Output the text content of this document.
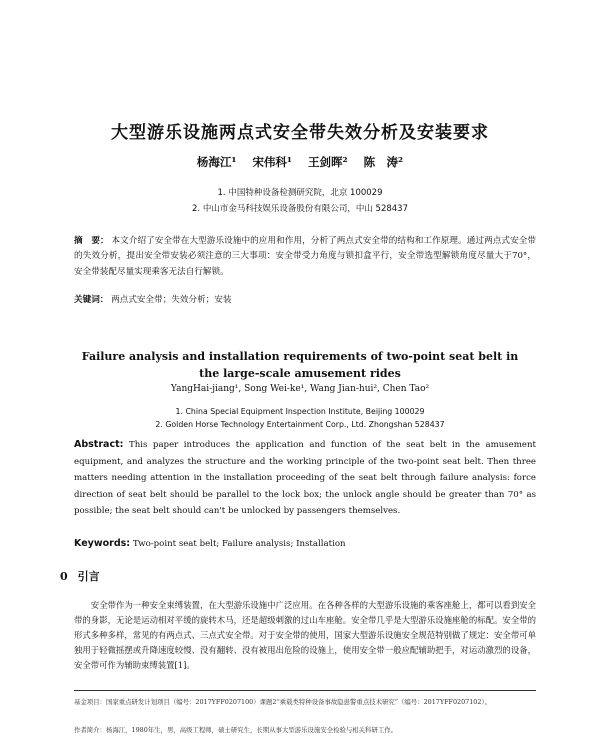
大型游乐设施两点式安全带失效分析及安装要求
杨海江¹ 宋伟科¹ 王剑晖² 陈　涛²
1. 中国特种设备检测研究院，北京 100029
2. 中山市金马科技娱乐设备股份有限公司，中山 528437
摘　要： 本文介绍了安全带在大型游乐设施中的应用和作用，分析了两点式安全带的结构和工作原理。通过两点式安全带的失效分析，提出安全带安装必须注意的三大事项：安全带受力角度与锁扣盒平行，安全带选型解锁角度尽量大于70°，安全带装配尽量实现乘客无法自行解锁。
关键词： 两点式安全带；失效分析；安装
Failure analysis and installation requirements of two-point seat belt in
the large-scale amusement rides
YangHai-jiang¹, Song Wei-ke¹, Wang Jian-hui², Chen Tao²
1. China Special Equipment Inspection Institute, Beijing 100029
2. Golden Horse Technology Entertainment Corp., Ltd. Zhongshan 528437
Abstract: This paper introduces the application and function of the seat belt in the amusement equipment, and analyzes the structure and the working principle of the two-point seat belt. Then three matters needing attention in the installation proceeding of the seat belt through failure analysis: force direction of seat belt should be parallel to the lock box; the unlock angle should be greater than 70° as possible; the seat belt should can't be unlocked by passengers themselves.
Keywords: Two-point seat belt; Failure analysis; Installation
0 引言
安全带作为一种安全束缚装置，在大型游乐设施中广泛应用。在各种各样的大型游乐设施的乘客座舱上，都可以看到安全带的身影，无论是运动相对平缓的旋转木马，还是超级刺激的过山车座舱。安全带几乎是大型游乐设施座舱的标配。安全带的形式多种多样，常见的有两点式、三点式安全带。对于安全带的使用，国家大型游乐设施安全规范特别做了规定：安全带可单独用于轻微摇摆或升降速度较慢、没有翻转、没有被甩出危险的设施上，使用安全带一般应配辅助把手，对运动激烈的设备，安全带可作为辅助束缚装置[1]。
基金项目：国家重点研发计划项目（编号：2017YFF0207100）课题2“乘载类特种设备事故隐患警重点技术研究”（编号：2017YFF0207102）。
作者简介：杨海江，1980年生，男，高级工程师，硕士研究生，长期从事大型游乐设施安全检验与相关科研工作。
